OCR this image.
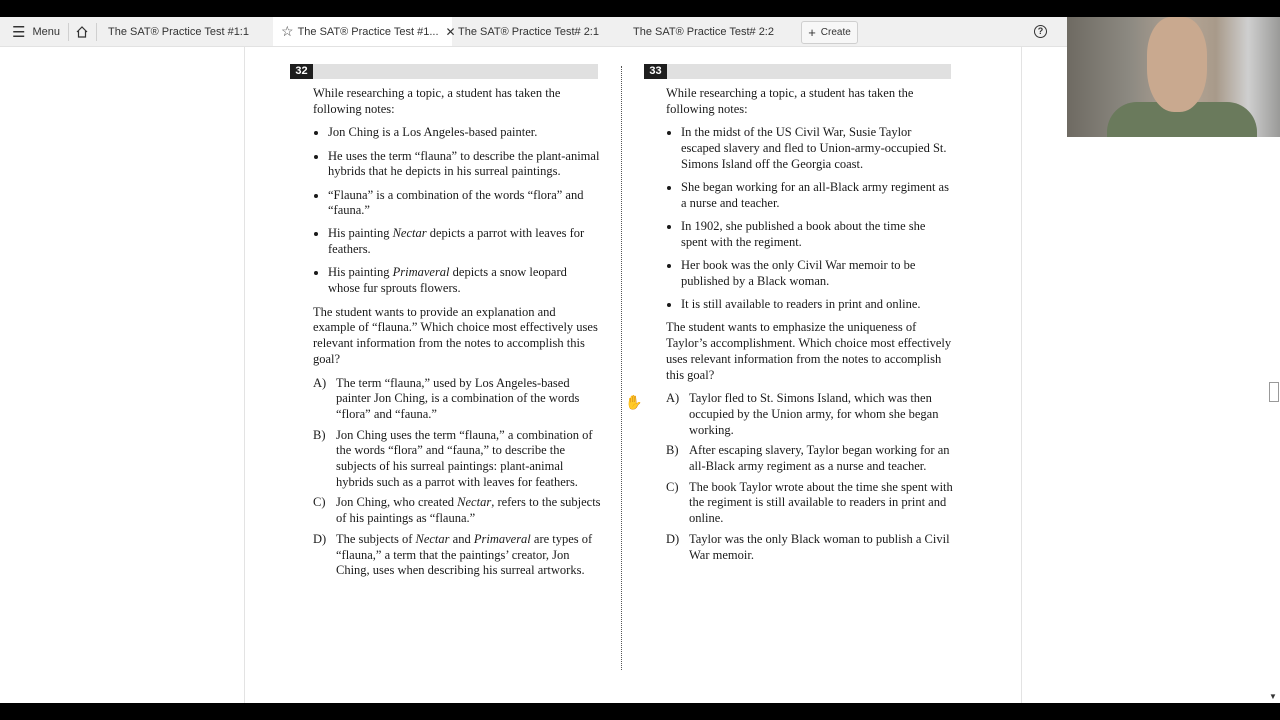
☰ Menu	The SAT® Practice Test #1:1 ☆ The SAT® Practice Test #1... ✕ The SAT® Practice Test# 2:1	The SAT® Practice Test# 2:2	+ Create	?
32

While researching a topic, a student has taken the following notes:

• Jon Ching is a Los Angeles-based painter.
• He uses the term “flauna” to describe the plant-animal hybrids that he depicts in his surreal paintings.
• “Flauna” is a combination of the words “flora” and “fauna.”
• His painting Nectar depicts a parrot with leaves for feathers.
• His painting Primaveral depicts a snow leopard whose fur sprouts flowers.

The student wants to provide an explanation and example of “flauna.” Which choice most effectively uses relevant information from the notes to accomplish this goal?

A) The term “flauna,” used by Los Angeles-based painter Jon Ching, is a combination of the words “flora” and “fauna.”
B) Jon Ching uses the term “flauna,” a combination of the words “flora” and “fauna,” to describe the subjects of his surreal paintings: plant-animal hybrids such as a parrot with leaves for feathers.
C) Jon Ching, who created Nectar, refers to the subjects of his paintings as “flauna.”
D) The subjects of Nectar and Primaveral are types of “flauna,” a term that the paintings’ creator, Jon Ching, uses when describing his surreal artworks.
✋
33

While researching a topic, a student has taken the following notes:

• In the midst of the US Civil War, Susie Taylor escaped slavery and fled to Union-army-occupied St. Simons Island off the Georgia coast.
• She began working for an all-Black army regiment as a nurse and teacher.
• In 1902, she published a book about the time she spent with the regiment.
• Her book was the only Civil War memoir to be published by a Black woman.
• It is still available to readers in print and online.

The student wants to emphasize the uniqueness of Taylor’s accomplishment. Which choice most effectively uses relevant information from the notes to accomplish this goal?

A) Taylor fled to St. Simons Island, which was then occupied by the Union army, for whom she began working.
B) After escaping slavery, Taylor began working for an all-Black army regiment as a nurse and teacher.
C) The book Taylor wrote about the time she spent with the regiment is still available to readers in print and online.
D) Taylor was the only Black woman to publish a Civil War memoir.
▼
